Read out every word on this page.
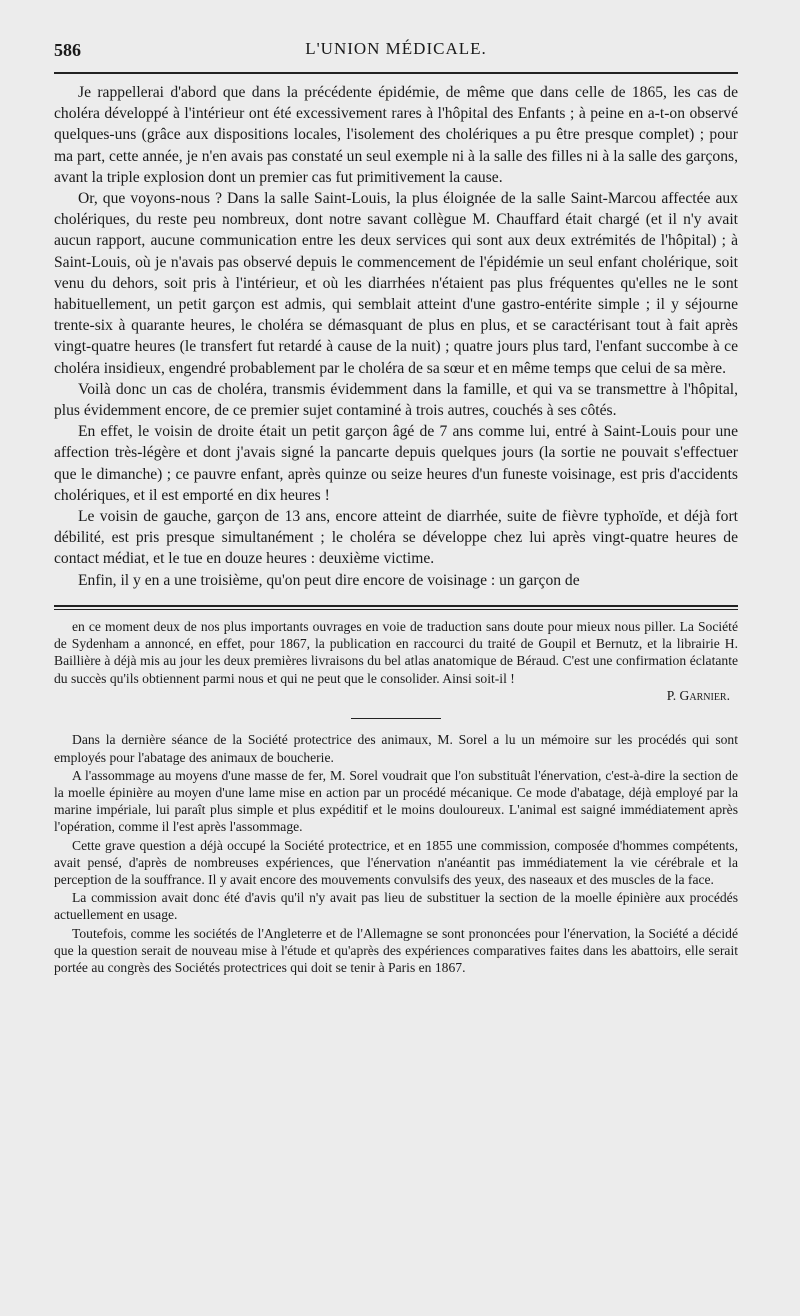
586	L'UNION MÉDICALE.

Je rappellerai d'abord que dans la précédente épidémie, de même que dans celle de 1865, les cas de choléra développé à l'intérieur ont été excessivement rares à l'hôpital des Enfants ; à peine en a-t-on observé quelques-uns (grâce aux dispositions locales, l'isolement des cholériques a pu être presque complet) ; pour ma part, cette année, je n'en avais pas constaté un seul exemple ni à la salle des filles ni à la salle des garçons, avant la triple explosion dont un premier cas fut primitivement la cause.

Or, que voyons-nous ? Dans la salle Saint-Louis, la plus éloignée de la salle Saint-Marcou affectée aux cholériques, du reste peu nombreux, dont notre savant collègue M. Chauffard était chargé (et il n'y avait aucun rapport, aucune communication entre les deux services qui sont aux deux extrémités de l'hôpital) ; à Saint-Louis, où je n'avais pas observé depuis le commencement de l'épidémie un seul enfant cholérique, soit venu du dehors, soit pris à l'intérieur, et où les diarrhées n'étaient pas plus fréquentes qu'elles ne le sont habituellement, un petit garçon est admis, qui semblait atteint d'une gastro-entérite simple ; il y séjourne trente-six à quarante heures, le choléra se démasquant de plus en plus, et se caractérisant tout à fait après vingt-quatre heures (le transfert fut retardé à cause de la nuit) ; quatre jours plus tard, l'enfant succombe à ce choléra insidieux, engendré probablement par le choléra de sa sœur et en même temps que celui de sa mère.

Voilà donc un cas de choléra, transmis évidemment dans la famille, et qui va se transmettre à l'hôpital, plus évidemment encore, de ce premier sujet contaminé à trois autres, couchés à ses côtés.

En effet, le voisin de droite était un petit garçon âgé de 7 ans comme lui, entré à Saint-Louis pour une affection très-légère et dont j'avais signé la pancarte depuis quelques jours (la sortie ne pouvait s'effectuer que le dimanche) ; ce pauvre enfant, après quinze ou seize heures d'un funeste voisinage, est pris d'accidents cholériques, et il est emporté en dix heures !

Le voisin de gauche, garçon de 13 ans, encore atteint de diarrhée, suite de fièvre typhoïde, et déjà fort débilité, est pris presque simultanément ; le choléra se développe chez lui après vingt-quatre heures de contact médiat, et le tue en douze heures : deuxième victime.

Enfin, il y en a une troisième, qu'on peut dire encore de voisinage : un garçon de

en ce moment deux de nos plus importants ouvrages en voie de traduction sans doute pour mieux nous piller. La Société de Sydenham a annoncé, en effet, pour 1867, la publication en raccourci du traité de Goupil et Bernutz, et la librairie H. Baillière à déjà mis au jour les deux premières livraisons du bel atlas anatomique de Béraud. C'est une confirmation éclatante du succès qu'ils obtiennent parmi nous et qui ne peut que le consolider. Ainsi soit-il !

P. Garnier.

Dans la dernière séance de la Société protectrice des animaux, M. Sorel a lu un mémoire sur les procédés qui sont employés pour l'abatage des animaux de boucherie.

A l'assommage au moyens d'une masse de fer, M. Sorel voudrait que l'on substituât l'énervation, c'est-à-dire la section de la moelle épinière au moyen d'une lame mise en action par un procédé mécanique. Ce mode d'abatage, déjà employé par la marine impériale, lui paraît plus simple et plus expéditif et le moins douloureux. L'animal est saigné immédiatement après l'opération, comme il l'est après l'assommage.

Cette grave question a déjà occupé la Société protectrice, et en 1855 une commission, composée d'hommes compétents, avait pensé, d'après de nombreuses expériences, que l'énervation n'anéantit pas immédiatement la vie cérébrale et la perception de la souffrance. Il y avait encore des mouvements convulsifs des yeux, des naseaux et des muscles de la face.

La commission avait donc été d'avis qu'il n'y avait pas lieu de substituer la section de la moelle épinière aux procédés actuellement en usage.

Toutefois, comme les sociétés de l'Angleterre et de l'Allemagne se sont prononcées pour l'énervation, la Société a décidé que la question serait de nouveau mise à l'étude et qu'après des expériences comparatives faites dans les abattoirs, elle serait portée au congrès des Sociétés protectrices qui doit se tenir à Paris en 1867.
